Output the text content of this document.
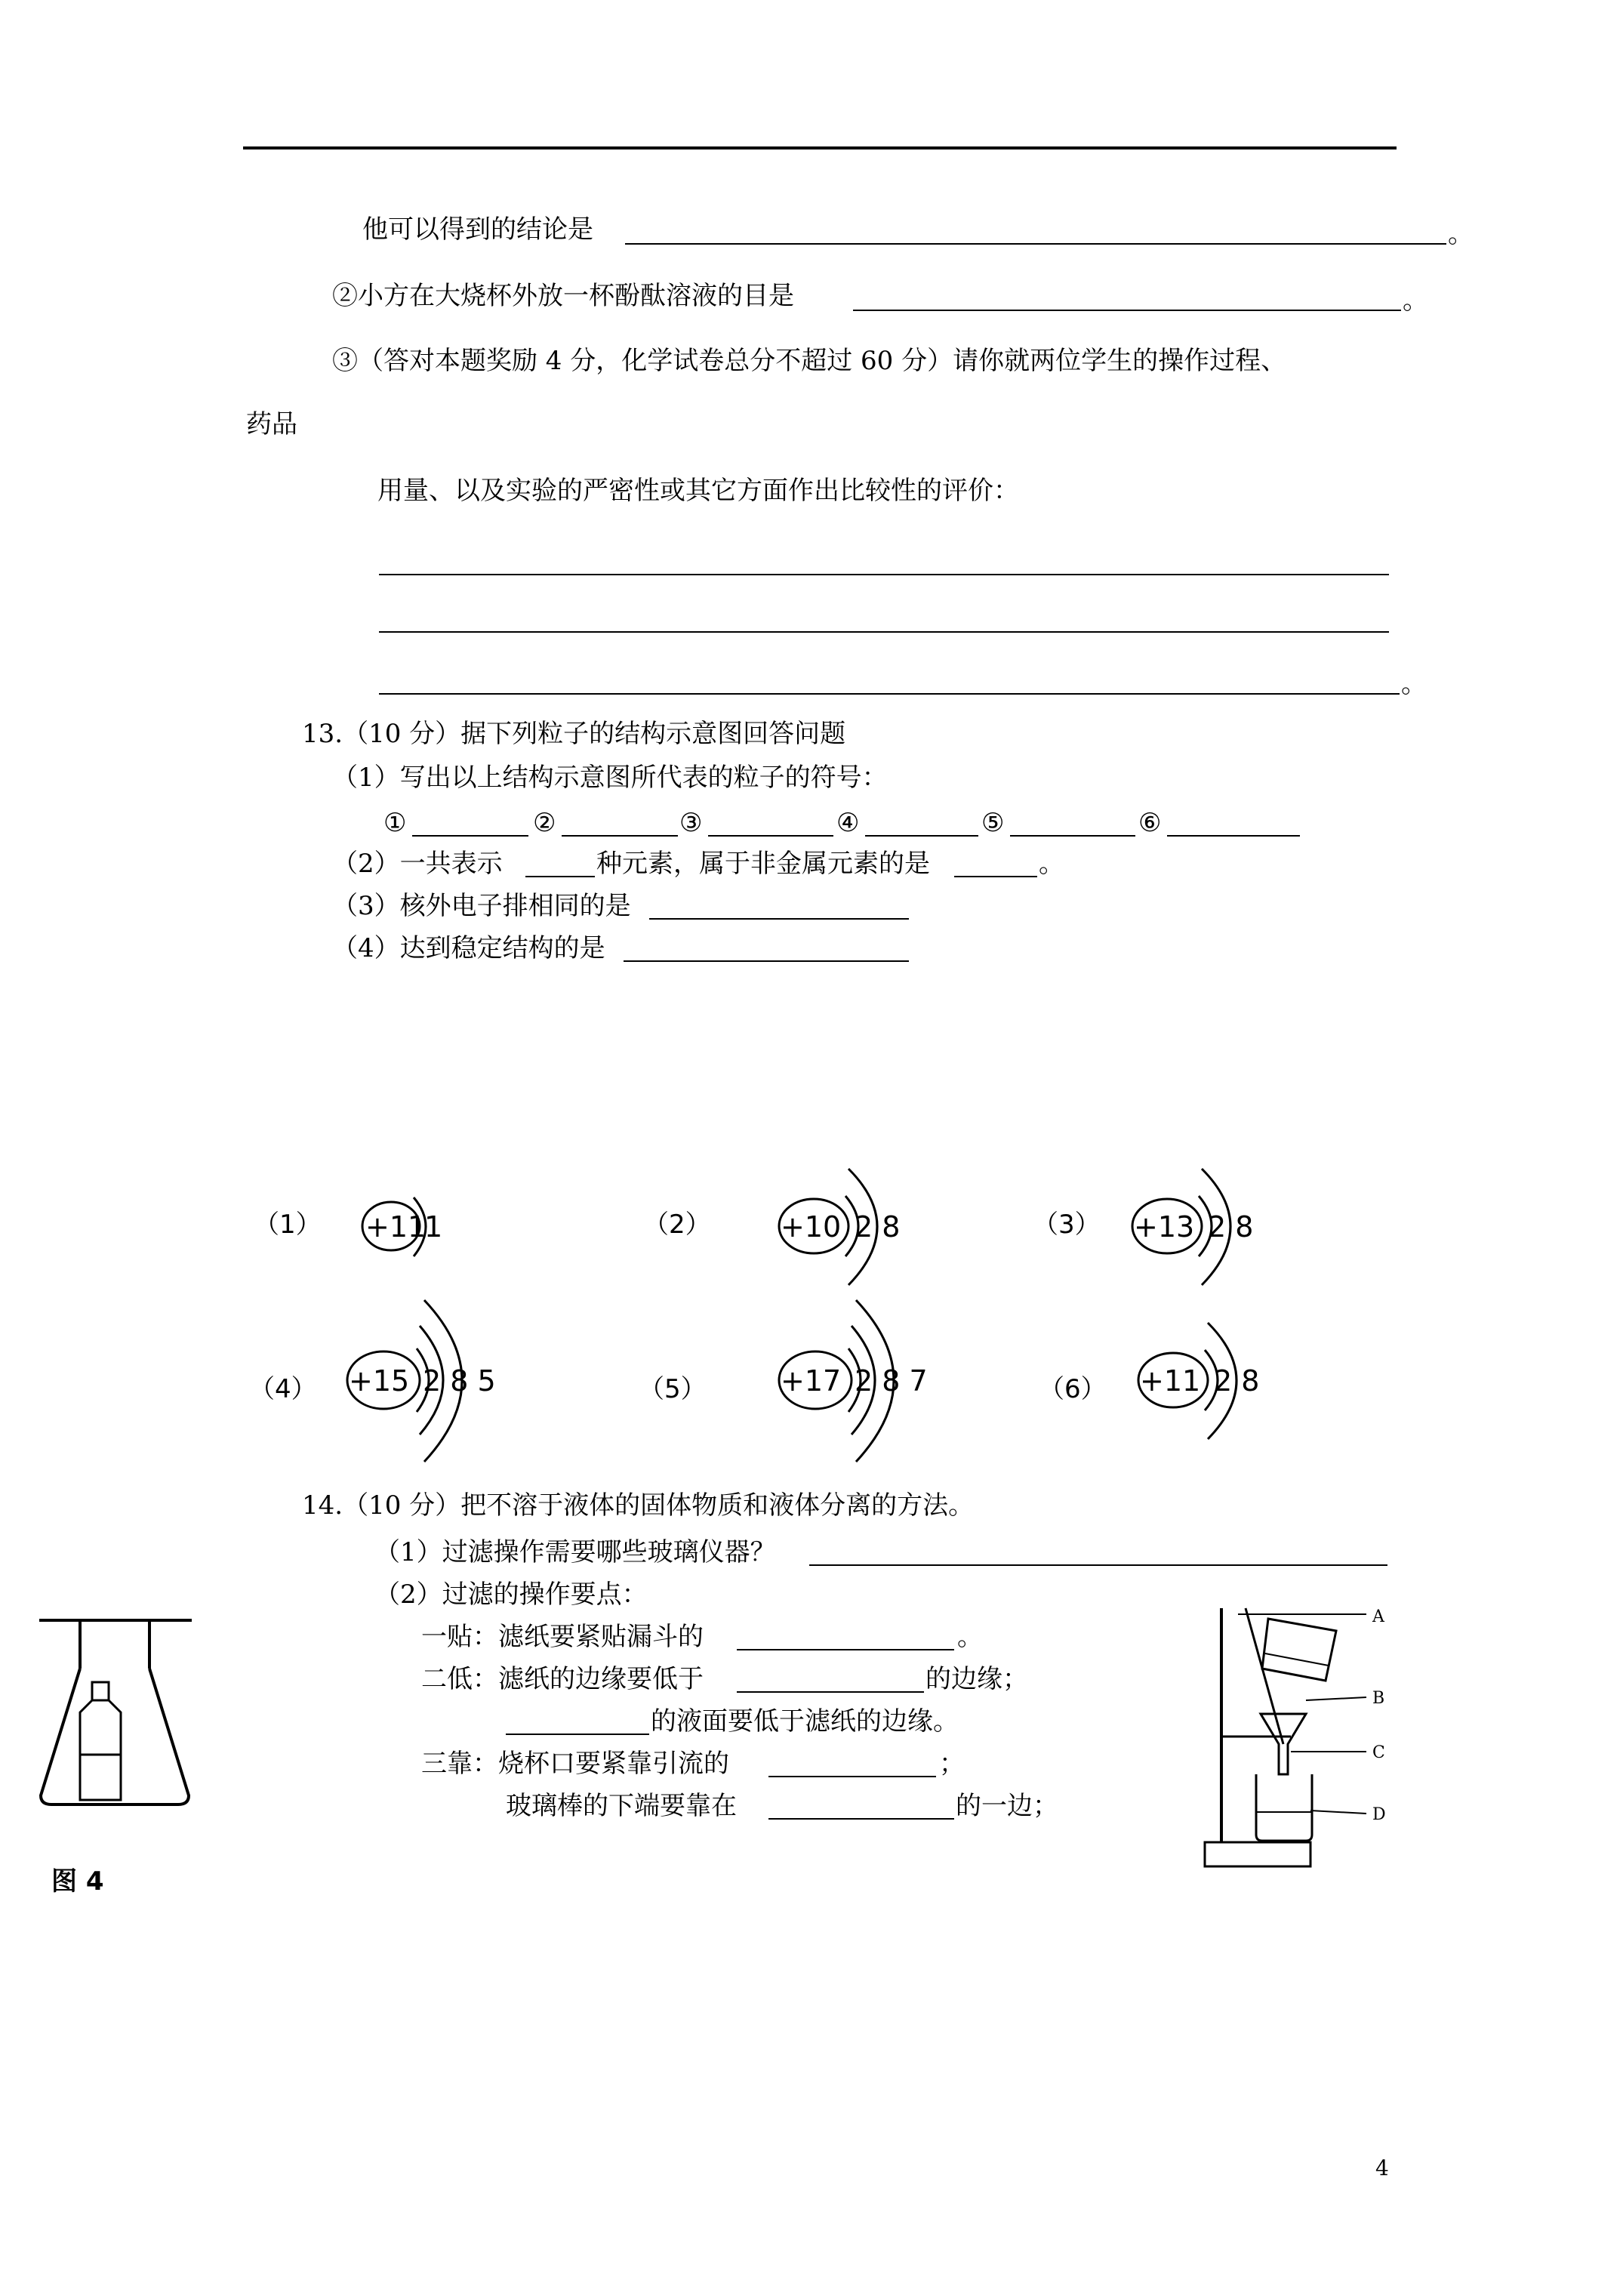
他可以得到的结论是	。
②小方在大烧杯外放一杯酚酞溶液的目是	。
③（答对本题奖励 4 分，化学试卷总分不超过 60 分）请你就两位学生的操作过程、
药品
用量、以及实验的严密性或其它方面作出比较性的评价：
。
13.（10 分）据下列粒子的结构示意图回答问题
（1）写出以上结构示意图所代表的粒子的符号：
①	②	③	④	⑤	⑥
（2）一共表示	种元素，属于非金属元素的是	。
（3）核外电子排相同的是
（4）达到稳定结构的是
（1） +11
1	（2） +10 2 8	（3） +13 2 8
（4） +15 2 8 5	（5）	+17 2 8 7	（6） +11 2 8
14.（10 分）把不溶于液体的固体物质和液体分离的方法。
（1）过滤操作需要哪些玻璃仪器？
（2）过滤的操作要点：
一贴：滤纸要紧贴漏斗的	。
二低：滤纸的边缘要低于	的边缘；
的液面要低于滤纸的边缘。
三靠：烧杯口要紧靠引流的	；
玻璃棒的下端要靠在	的一边；
图 4
A
B
C
D
4
